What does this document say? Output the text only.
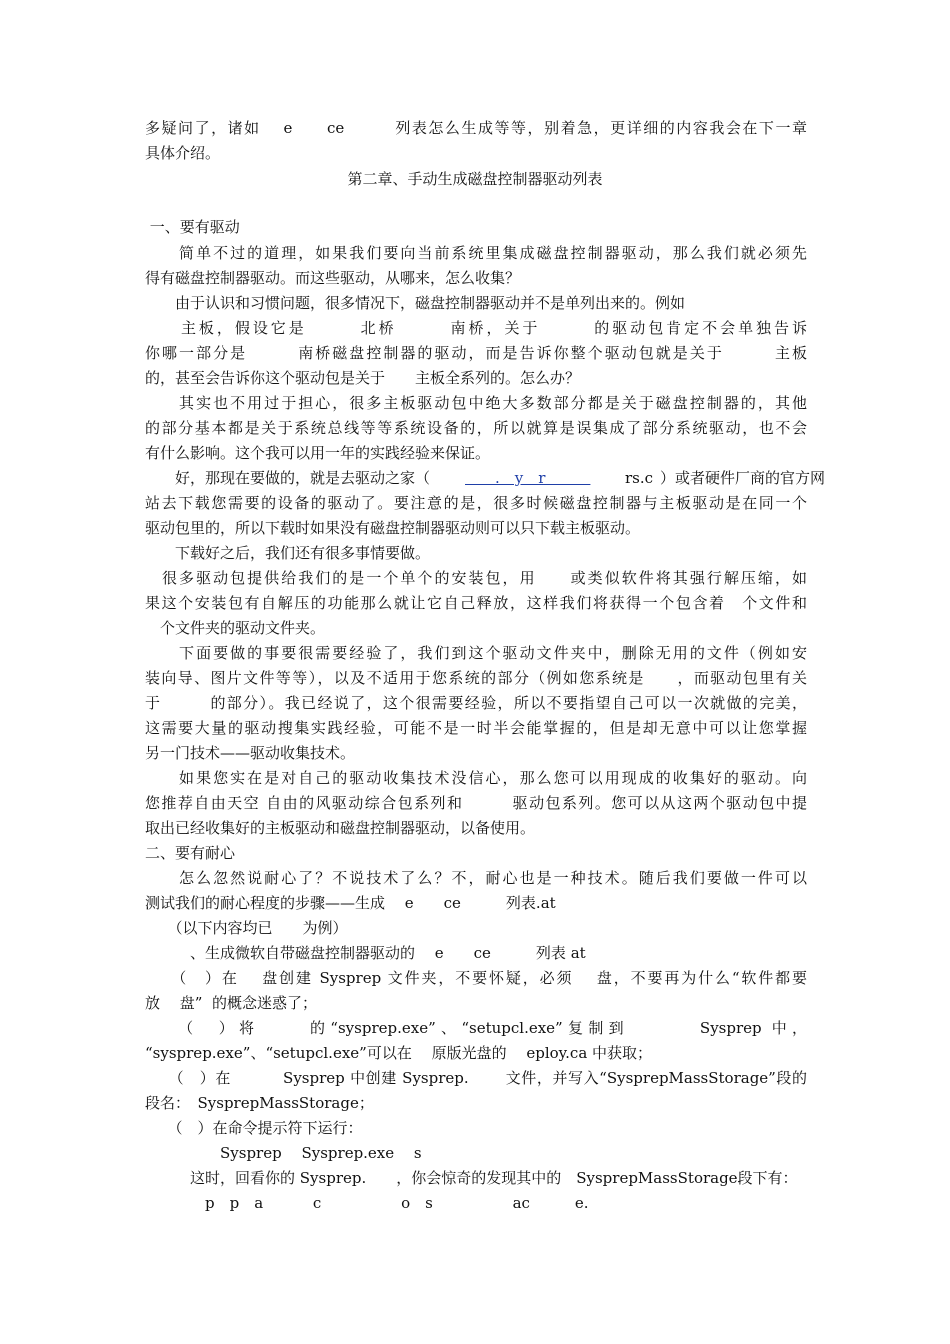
多疑问了，诸如　 e　　ce　　　列表怎么生成等等，别着急，更详细的内容我会在下一章
具体介绍。
第二章、手动生成磁盘控制器驱动列表
一、要有驱动
　　简单不过的道理，如果我们要向当前系统里集成磁盘控制器驱动，那么我们就必须先
得有磁盘控制器驱动。而这些驱动，从哪来，怎么收集？
　　由于认识和习惯问题，很多情况下，磁盘控制器驱动并不是单列出来的。例如
　　主板，假设它是　　　北桥　　　南桥，关于　　　的驱动包肯定不会单独告诉
你哪一部分是　　　南桥磁盘控制器的驱动，而是告诉你整个驱动包就是关于　　　主板
的，甚至会告诉你这个驱动包是关于　　主板全系列的。怎么办？
　　其实也不用过于担心，很多主板驱动包中绝大多数部分都是关于磁盘控制器的，其他
的部分基本都是关于系统总线等等系统设备的，所以就算是误集成了部分系统驱动，也不会
有什么影响。这个我可以用一年的实践经验来保证。
　　好，那现在要做的，就是去驱动之家（ 　　.　y　r　　　	rs.c ）或者硬件厂商的官方网
站去下载您需要的设备的驱动了。要注意的是，很多时候磁盘控制器与主板驱动是在同一个
驱动包里的，所以下载时如果没有磁盘控制器驱动则可以只下载主板驱动。
　　下载好之后，我们还有很多事情要做。
　很多驱动包提供给我们的是一个单个的安装包，用　　或类似软件将其强行解压缩，如
果这个安装包有自解压的功能那么就让它自己释放，这样我们将获得一个包含着　个文件和
　个文件夹的驱动文件夹。
　　下面要做的事要很需要经验了，我们到这个驱动文件夹中，删除无用的文件（例如安
装向导、图片文件等等），以及不适用于您系统的部分（例如您系统是　　，而驱动包里有关
于　　　的部分）。我已经说了，这个很需要经验，所以不要指望自己可以一次就做的完美，
这需要大量的驱动搜集实践经验，可能不是一时半会能掌握的，但是却无意中可以让您掌握
另一门技术——驱动收集技术。
　　如果您实在是对自己的驱动收集技术没信心，那么您可以用现成的收集好的驱动。向
您推荐自由天空 自由的风驱动综合包系列和　　　驱动包系列。您可以从这两个驱动包中提
取出已经收集好的主板驱动和磁盘控制器驱动，以备使用。
二、要有耐心
　　怎么忽然说耐心了？不说技术了么？不，耐心也是一种技术。随后我们要做一件可以
测试我们的耐心程度的步骤——生成　 e　　ce　　　列表.at
　　（以下内容均已　　为例）
　　　、生成微软自带磁盘控制器驱动的　 e　　ce　　　列表 at
　　（　）在　 盘创建 Sysprep 文件夹，不要怀疑，必须　 盘，不要再为什么“软件都要
放　 盘”  的概念迷惑了；
　　（　）将　　 的“sysprep.exe”、“setupcl.exe”复制到　　　 Sysprep 中，
“sysprep.exe”、“setupcl.exe”可以在　 原版光盘的　 eploy.ca 中获取；
　　（　）在　　　 Sysprep 中创建 Sysprep.　　 文件，并写入“SysprepMassStorage”段的
段名：　SysprepMassStorage；
　　（　）在命令提示符下运行：
　　　　　Sysprep　 Sysprep.exe　 s
　　　这时，回看你的 Sysprep.　　，你会惊奇的发现其中的　SysprepMassStorage段下有：
　　　　p　p　a　　　 c　　　　　 o　s　　　　　 ac　　　e.
